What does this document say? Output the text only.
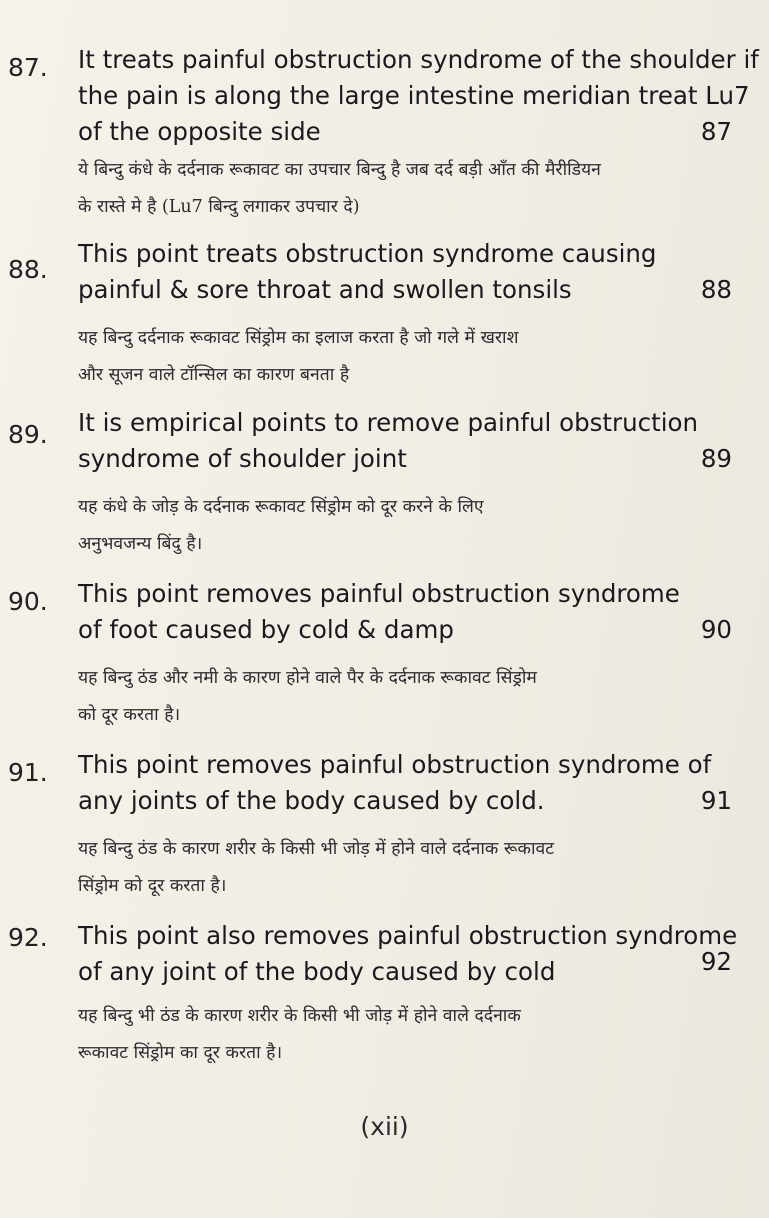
87. It treats painful obstruction syndrome of the shoulder if
the pain is along the large intestine meridian treat Lu7
of the opposite side	87
ये बिन्दु कंधे के दर्दनाक रूकावट का उपचार बिन्दु है जब दर्द बड़ी आँत की मैरीडियन
के रास्ते मे है (Lu7 बिन्दु लगाकर उपचार दे)
88.
This point treats obstruction syndrome causing
painful & sore throat and swollen tonsils	88
यह बिन्दु दर्दनाक रूकावट सिंड्रोम का इलाज करता है जो गले में खराश
और सूजन वाले टॉन्सिल का कारण बनता है
89. It is empirical points to remove painful obstruction
syndrome of shoulder joint	89
यह कंधे के जोड़ के दर्दनाक रूकावट सिंड्रोम को दूर करने के लिए
अनुभवजन्य बिंदु है।
90. This point removes painful obstruction syndrome
of foot caused by cold & damp	90
यह बिन्दु ठंड और नमी के कारण होने वाले पैर के दर्दनाक रूकावट सिंड्रोम
को दूर करता है।
91. This point removes painful obstruction syndrome of
any joints of the body caused by cold.	91
यह बिन्दु ठंड के कारण शरीर के किसी भी जोड़ में होने वाले दर्दनाक रूकावट
सिंड्रोम को दूर करता है।
92. This point also removes painful obstruction syndrome
of any joint of the body caused by cold	92
यह बिन्दु भी ठंड के कारण शरीर के किसी भी जोड़ में होने वाले दर्दनाक
रूकावट सिंड्रोम का दूर करता है।
(xii)
